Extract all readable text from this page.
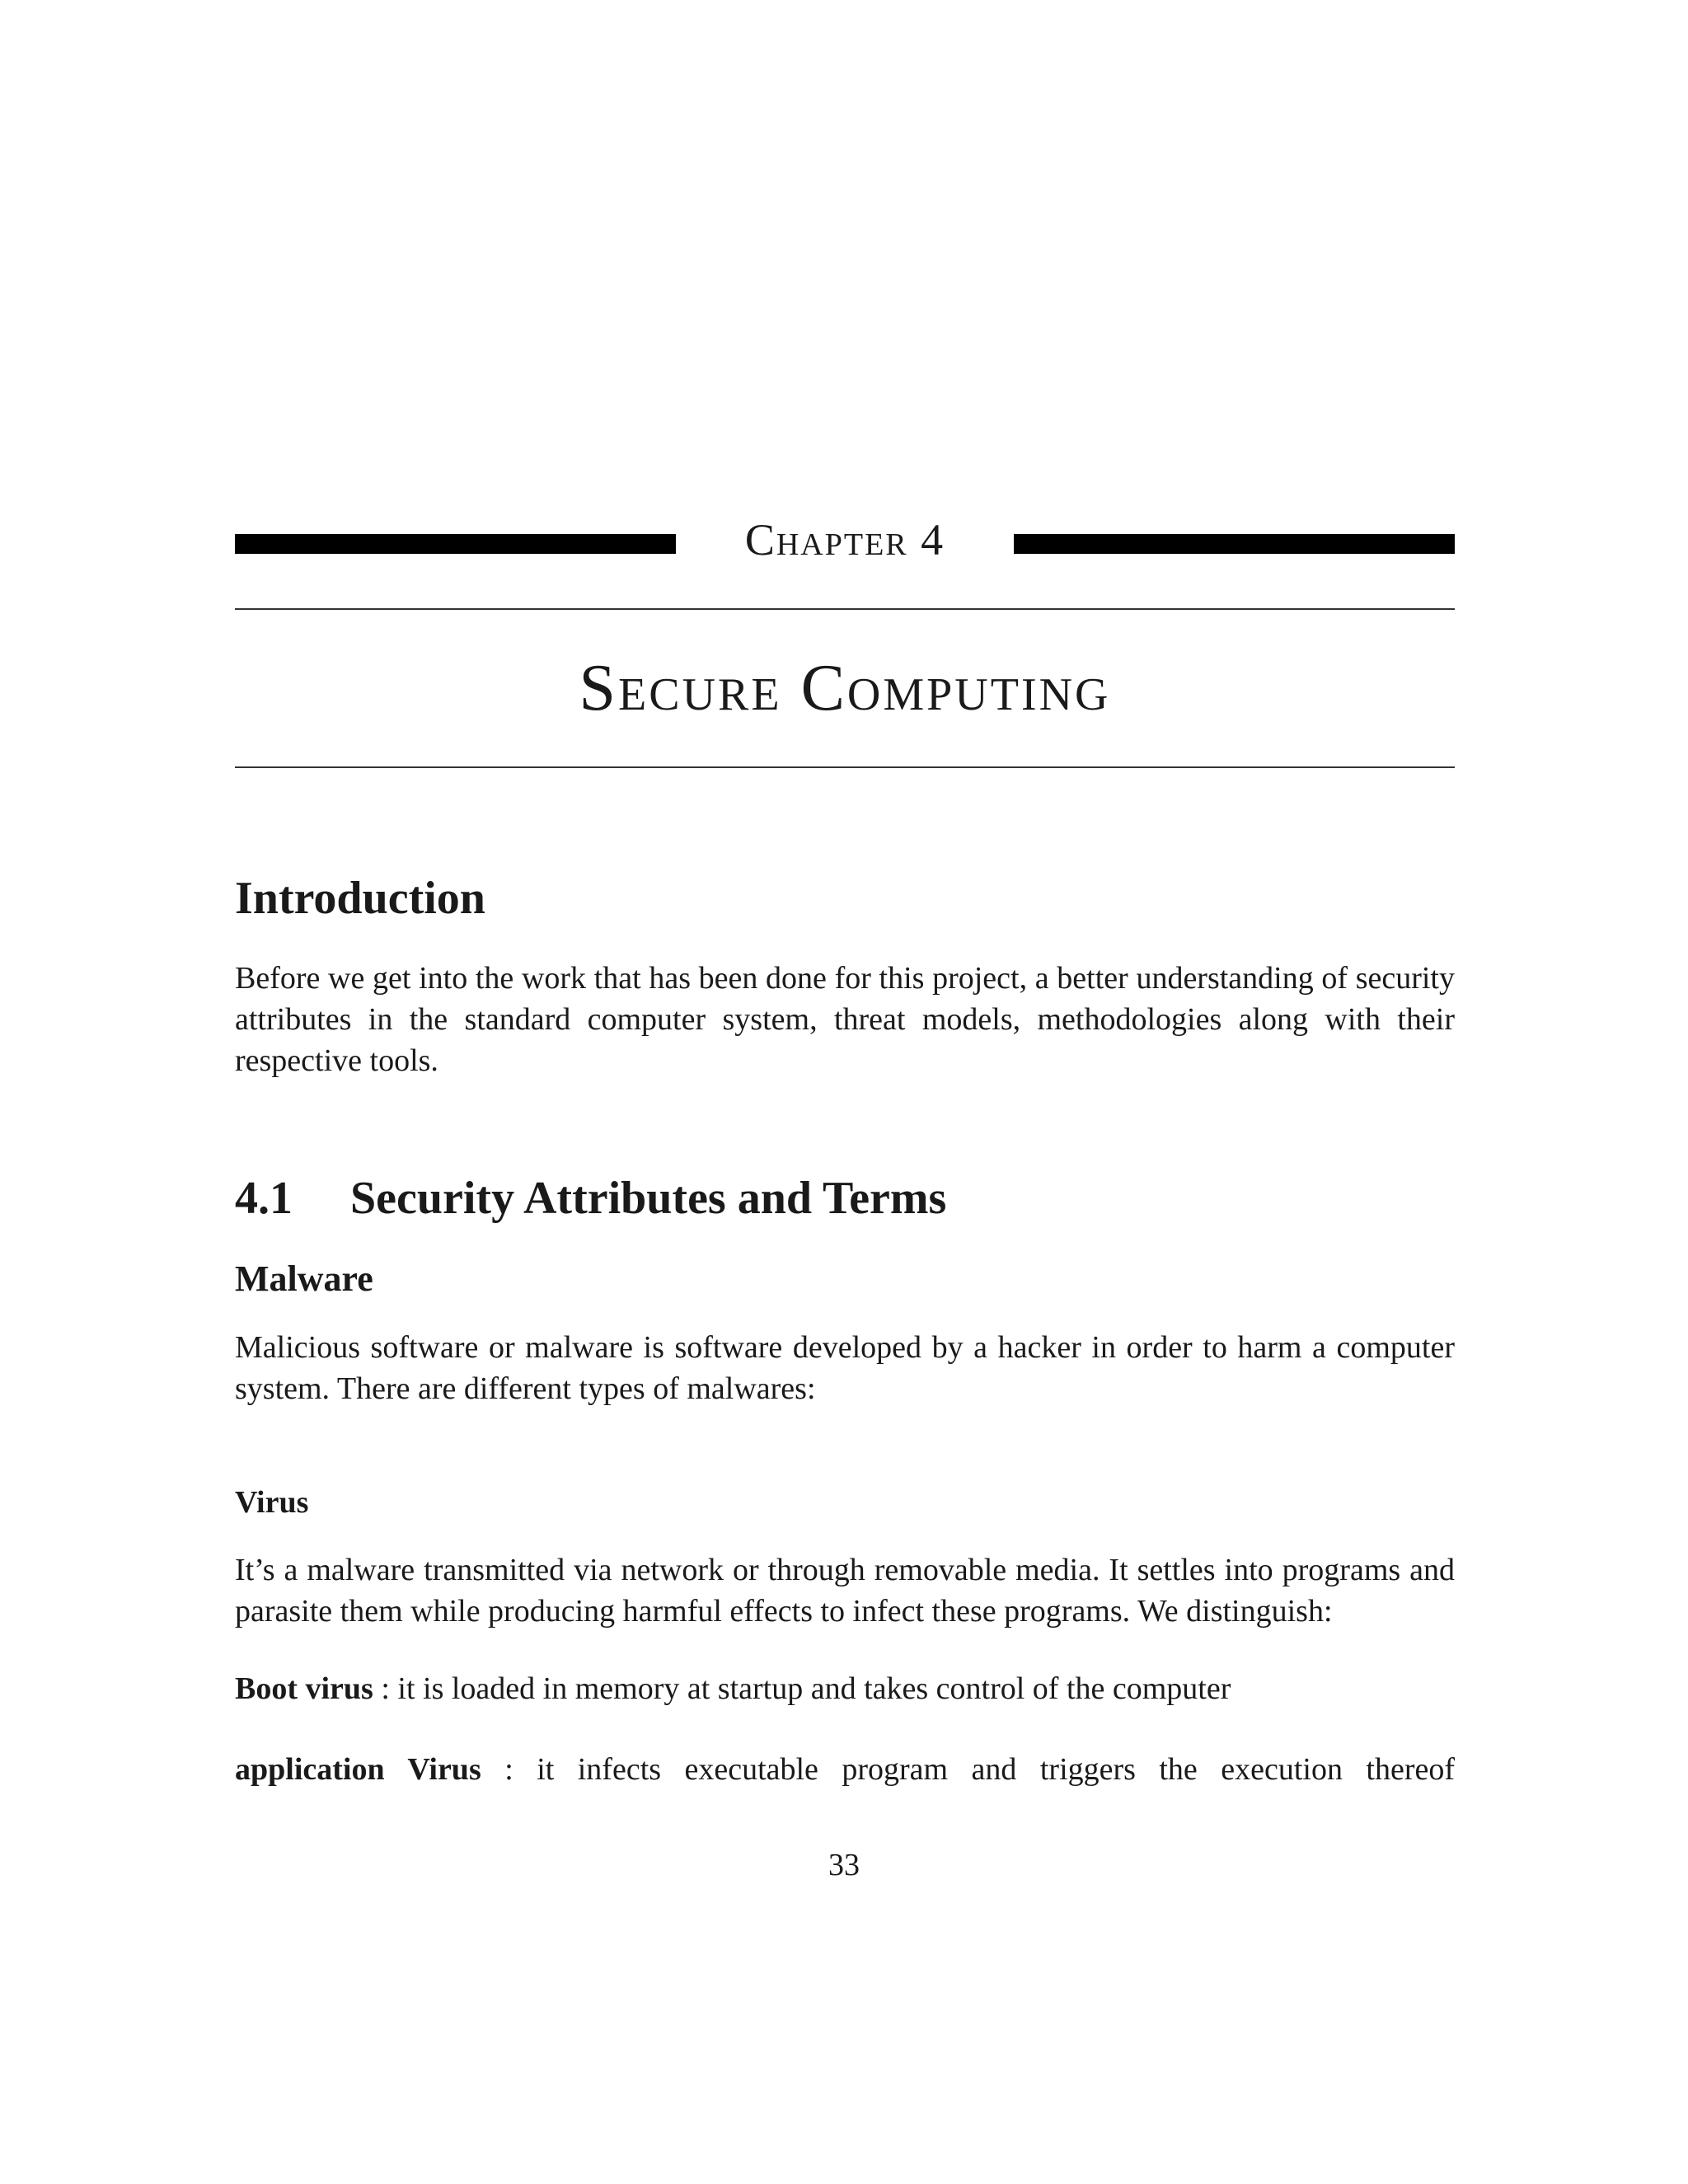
Chapter 4
Secure Computing
Introduction

Before we get into the work that has been done for this project, a better understanding of security attributes in the standard computer system, threat models, methodologies along with their respective tools.

4.1 Security Attributes and Terms
Malware

Malicious software or malware is software developed by a hacker in order to harm a computer system. There are different types of malwares:

Virus

It’s a malware transmitted via network or through removable media. It settles into programs and parasite them while producing harmful effects to infect these programs. We distinguish:

Boot virus : it is loaded in memory at startup and takes control of the computer
application Virus : it infects executable program and triggers the execution thereof
33
